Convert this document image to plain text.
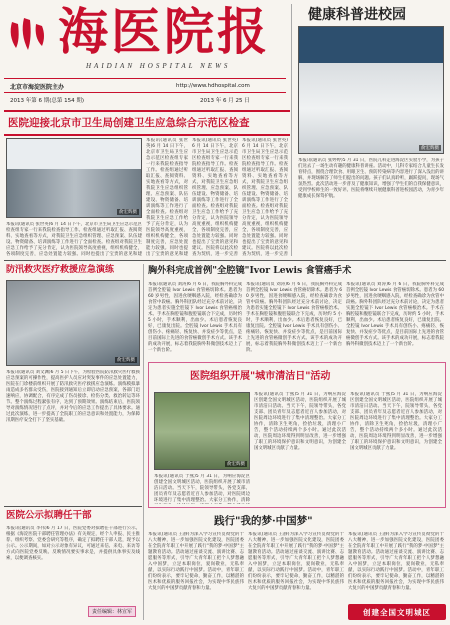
海医院报
HAIDIAN HOSPITAL NEWS
北京市海淀医院主办	http://www.hdhospital.com
2013 年第 6 期(总第 154 期)	2013 年 6 月 25 日
健康科普进校园
俞宏辉摄
本报讯(通讯员 张婷婷)5 月 31 日，医院儿科走进海淀区实验小学，为孩子们送去了一场生动有趣的健康科普讲座。活动中，儿科专家结合儿童生长发育特点，围绕合理饮食、用眼卫生、预防传染病等内容进行了深入浅出的讲解，并现场解答了师生们提出的问题。孩子们认真聆听，踊跃提问，现场气氛热烈。此次活动进一步普及了健康知识，增强了学生们的自我保健意识，受到学校师生的一致好评。医院将继续开展健康科普进校园活动，为青少年健康成长保驾护航。
医院迎接北京市卫生局创建卫生应急综合示范区检查
俞宏辉摄
本报讯(通讯员 张世英)6 月 14 日下午，北京市卫生局卫生应急示范区检查组专家一行来我院检查指导工作。检查组通过听取汇报、查阅资料、实地查看等方式，对我院卫生应急组织管理、应急预案、队伍建设、物资储备、培训演练等工作进行了全面检查。检查组对我院卫生应急工作给予了充分肯定，认为医院领导高度重视，组织机构健全，各项制度完善，应急处置能力较强。同时也提出了宝贵的意见和建
本报讯(通讯员 张世英)6 月 14 日下午，北京市卫生局卫生应急示范区检查组专家一行来我院检查指导工作。检查组通过听取汇报、查阅资料、实地查看等方式，对我院卫生应急组织管理、应急预案、队伍建设、物资储备、培训演练等工作进行了全面检查。检查组对我院卫生应急工作给予了充分肯定，认为医院领导高度重视，组织机构健全，各项制度完善，应急处置能力较强。同时也提出了宝贵的意见和建议。医院将以此次检查为契机，进一步完善
本报讯(通讯员 张世英)6 月 14 日下午，北京市卫生局卫生应急示范区检查组专家一行来我院检查指导工作。检查组通过听取汇报、查阅资料、实地查看等方式，对我院卫生应急组织管理、应急预案、队伍建设、物资储备、培训演练等工作进行了全面检查。检查组对我院卫生应急工作给予了充分肯定，认为医院领导高度重视，组织机构健全，各项制度完善，应急处置能力较强。同时也提出了宝贵的意见和建议。医院将以此次检查为契机，进一步完善
本报讯(通讯员 张世英)6 月 14 日下午，北京市卫生局卫生应急示范区检查组专家一行来我院检查指导工作。检查组通过听取汇报、查阅资料、实地查看等方式，对我院卫生应急组织管理、应急预案、队伍建设、物资储备、培训演练等工作进行了全面检查。检查组对我院卫生应急工作给予了充分肯定，认为医院领导高度重视，组织机构健全，各项制度完善，应急处置能力较强。同时也提出了宝贵的意见和建
防汛救灾医疗救援应急演练
俞宏辉摄
本报讯(通讯员 刘文渊)6 月 5 日下午，为检验医院防汛救灾医疗救援应急预案的可操作性，提高医护人员应对突发事件的应急处置能力，医院在门诊楼前组织开展了防汛救灾医疗救援应急演练。演练模拟暴雨造成多名群众受伤，医院接到通知后立即启动应急预案，各部门迅速响应，协调配合，有序完成了伤员接诊、检伤分类、救治转运等环节。整个演练过程紧张有序，达到了预期效果。演练结束后，医院领导对演练情况进行了点评，并对今后的应急工作提出了具体要求。通过此次演练，进一步提高了全院职工的应急意识和处置能力，为保障汛期医疗安全打下了坚实基础。
胸外科完成首例"全腔镜"Ivor Lewis 食管癌手术
本报讯(通讯员 刘涛)6 月 6 日，我院胸外科完成首例全腔镜 Ivor Lewis 食管癌切除术。患者为 60 岁男性，因进食哽咽感入院，经检查确诊为食管中段癌。胸外科团队经过充分术前讨论，决定为患者实施全腔镜下 Ivor Lewis 食管癌根治术。手术在胸腔镜和腹腔镜联合下完成，历时约 5 小时，手术顺利，出血少。术后患者恢复良好，已康复出院。全腔镜 Ivor Lewis 手术具有创伤小、疼痛轻、恢复快、并发症少等优点，是目前国际上先进的食管癌微创手术方式。该手术的成功开展，标志着我院胸外科微创技术迈上了一个新台阶。
本报讯(通讯员 刘涛)6 月 6 日，我院胸外科完成首例全腔镜 Ivor Lewis 食管癌切除术。患者为 60 岁男性，因进食哽咽感入院，经检查确诊为食管中段癌。胸外科团队经过充分术前讨论，决定为患者实施全腔镜下 Ivor Lewis 食管癌根治术。手术在胸腔镜和腹腔镜联合下完成，历时约 5 小时，手术顺利，出血少。术后患者恢复良好，已康复出院。全腔镜 Ivor Lewis 手术具有创伤小、疼痛轻、恢复快、并发症少等优点，是目前国际上先进的食管癌微创手术方式。该手术的成功开展，标志着我院胸外科微创技术迈上了一个新台阶。
本报讯(通讯员 刘涛)6 月 6 日，我院胸外科完成首例全腔镜 Ivor Lewis 食管癌切除术。患者为 60 岁男性，因进食哽咽感入院，经检查确诊为食管中段癌。胸外科团队经过充分术前讨论，决定为患者实施全腔镜下 Ivor Lewis 食管癌根治术。手术在胸腔镜和腹腔镜联合下完成，历时约 5 小时，手术顺利，出血少。术后患者恢复良好，已康复出院。全腔镜 Ivor Lewis 手术具有创伤小、疼痛轻、恢复快、并发症少等优点，是目前国际上先进的食管癌微创手术方式。该手术的成功开展，标志着我院胸外科微创技术迈上了一个新台阶。
医院组织开展"城市清洁日"活动
俞宏辉摄
本报讯(通讯员 于燕)5 月 31 日，为响应海淀区创建全国文明城区活动，医院组织开展了城市清洁日活动。当天下午，院领导带头，各党支部、团员青年及志愿者近百人参加活动，对医院周边环境进行了集中清理整治。大家分工协作，清除卫生死角，捡拾垃圾，清理小广告，整个活动持续两个多小时。通过此次活动，医院周边环境得到明显改善，进一步增强了职工的环境保护意识和文明意识，为创建全国文明城区贡献了力量。
本报讯(通讯员 于燕)5 月 31 日，为响应海淀区创建全国文明城区活动，医院组织开展了城市清洁日活动。当天下午，院领导带头，各党支部、团员青年及志愿者近百人参加活动，对医院周边环境进行了集中清理整治。大家分工协作，清除卫生死角，捡拾垃圾，清理小广告，整个活动持续两个多小时。通过此次活动，医院周边环境得到明显改善，进一步增强了职工的环境保护意识和文明意识，为创建全国文明城区贡献了力量。
本报讯(通讯员 于燕)5 月 31 日，为响应海淀区创建全国文明城区活动，医院组织开展了城市清洁日活动。当天下午，院领导带头，各党支部、团员青年及志愿者近百人参加活动，对医院周边环境进行了集中清理整治。大家分工协作，清除
医院公示拟聘任干部
本报讯(通讯员 李伟)6 月 17 日，医院党委对拟聘任干部进行公示。根据《海淀医院干部聘任管理办法》有关规定，经个人申报、民主推荐、组织考察、党委会研究等程序，确定了拟聘任干部人选，现予以公示。公示期间，如对公示对象有异议，可通过来信、来电、来访等方式向医院党委反映。反映情况要实事求是，并提供具体事实及线索，以便调查核实。
责任编辑：林宣军
践行"我的梦·中国梦"
本报讯(通讯员 王静)为深入学习宣传贯彻党的十八大精神，进一步加强医院文化建设，医院团委在全院青年职工中开展了践行"我的梦·中国梦"主题教育活动。活动通过座谈交流、演讲比赛、志愿服务等形式，引导广大青年职工把个人梦想融入中国梦，立足本职岗位，爱岗敬业，无私奉献，以实际行动践行中国梦。活动中，青年职工们纷纷表示，要牢记使命，勤奋工作，以精湛的医术和优质的服务回报社会，为实现中华民族伟大复兴的中国梦贡献青春和力量。
本报讯(通讯员 王静)为深入学习宣传贯彻党的十八大精神，进一步加强医院文化建设，医院团委在全院青年职工中开展了践行"我的梦·中国梦"主题教育活动。活动通过座谈交流、演讲比赛、志愿服务等形式，引导广大青年职工把个人梦想融入中国梦，立足本职岗位，爱岗敬业，无私奉献，以实际行动践行中国梦。活动中，青年职工们纷纷表示，要牢记使命，勤奋工作，以精湛的医术和优质的服务回报社会，为实现中华民族伟大复兴的中国梦贡献青春和力量。
本报讯(通讯员 王静)为深入学习宣传贯彻党的十八大精神，进一步加强医院文化建设，医院团委在全院青年职工中开展了践行"我的梦·中国梦"主题教育活动。活动通过座谈交流、演讲比赛、志愿服务等形式，引导广大青年职工把个人梦想融入中国梦，立足本职岗位，爱岗敬业，无私奉献，以实际行动践行中国梦。活动中，青年职工们纷纷表示，要牢记使命，勤奋工作，以精湛的医术和优质的服务回报社会，为实现中华民族伟大复兴的中国梦贡献青春和力量。
创建全国文明城区
